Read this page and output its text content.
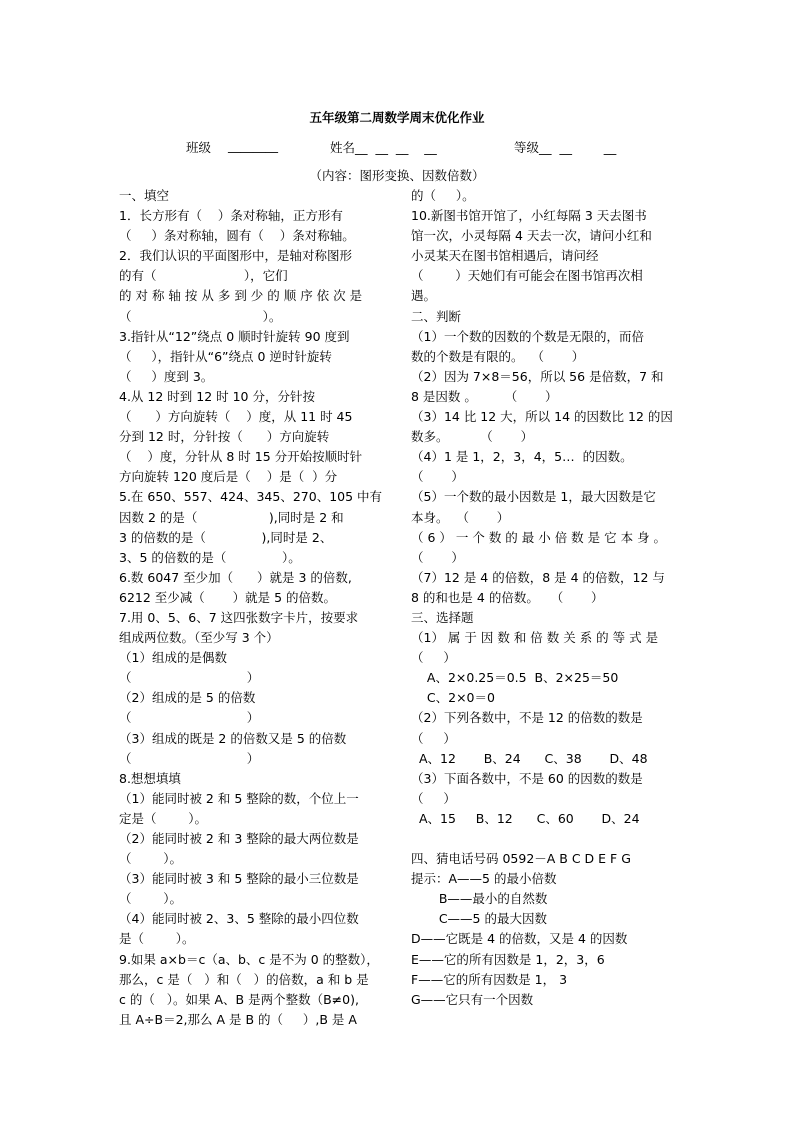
五年级第二周数学周末优化作业
班级 ________	姓名__  __  __    __	等级__  __        __
（内容：图形变换、因数倍数）
一、填空
1．长方形有（    ）条对称轴，正方形有
（     ）条对称轴，圆有（    ）条对称轴。
2．我们认识的平面图形中，是轴对称图形
的有（                      ），它们
的 对 称 轴 按 从 多 到 少 的 顺 序 依 次 是
（                                 ）。
3.指针从“12”绕点 0 顺时针旋转 90 度到
（     ），指针从“6”绕点 0 逆时针旋转
（     ）度到 3。
4.从 12 时到 12 时 10 分，分针按
（      ）方向旋转（    ）度，从 11 时 45
分到 12 时，分针按（      ）方向旋转
（    ）度，分针从 8 时 15 分开始按顺时针
方向旋转 120 度后是（    ）是（  ）分
5.在 650、557、424、345、270、105 中有
因数 2 的是（                  ),同时是 2 和
3 的倍数的是（              ),同时是 2、
3、5 的倍数的是（              ）。
6.数 6047 至少加（      ）就是 3 的倍数,
6212 至少减（       ）就是 5 的倍数。
7.用 0、5、6、7 这四张数字卡片，按要求
组成两位数。（至少写 3 个）
（1）组成的是偶数
（                             ）
（2）组成的是 5 的倍数
（                             ）
（3）组成的既是 2 的倍数又是 5 的倍数
（                             ）
8.想想填填
（1）能同时被 2 和 5 整除的数，个位上一
定是（        ）。
（2）能同时被 2 和 3 整除的最大两位数是
（        ）。
（3）能同时被 3 和 5 整除的最小三位数是
（        ）。
（4）能同时被 2、3、5 整除的最小四位数
是（        ）。
9.如果 a×b＝c（a、b、c 是不为 0 的整数），
那么，c 是（   ）和（   ）的倍数，a 和 b 是
c 的（   ）。如果 A、B 是两个整数（B≠0),
且 A÷B＝2,那么 A 是 B 的（     ）,B 是 A
的（     ）。
10.新图书馆开馆了，小红每隔 3 天去图书
馆一次，小灵每隔 4 天去一次，请问小红和
小灵某天在图书馆相遇后，请问经
（        ）天她们有可能会在图书馆再次相
遇。
二、判断
（1）一个数的因数的个数是无限的，而倍
数的个数是有限的。  （       ）
（2）因为 7×8＝56，所以 56 是倍数，7 和
8 是因数 。       （       ）
（3）14 比 12 大，所以 14 的因数比 12 的因
数多。        （       ）
（4）1 是 1，2，3，4，5…  的因数。
（       ）
（5）一个数的最小因数是 1，最大因数是它
本身。  （       ）
（ 6 ） 一 个 数 的 最 小 倍 数 是 它 本 身 。
（       ）
（7）12 是 4 的倍数，8 是 4 的倍数，12 与
8 的和也是 4 的倍数。   （       ）
三、选择题
（1） 属 于 因 数 和 倍 数 关 系 的 等 式 是
（     ）
A、2×0.25＝0.5  B、2×25＝50
C、2×0＝0
（2）下列各数中，不是 12 的倍数的数是
（     ）
A、12       B、24      C、38       D、48
（3）下面各数中，不是 60 的因数的数是
（     ）
A、15     B、12      C、60       D、24
四、猜电话号码 0592－A B C D E F G
提示：A——5 的最小倍数
B——最小的自然数
C——5 的最大因数
D——它既是 4 的倍数，又是 4 的因数
E——它的所有因数是 1，2，3，6
F——它的所有因数是 1， 3
G——它只有一个因数
